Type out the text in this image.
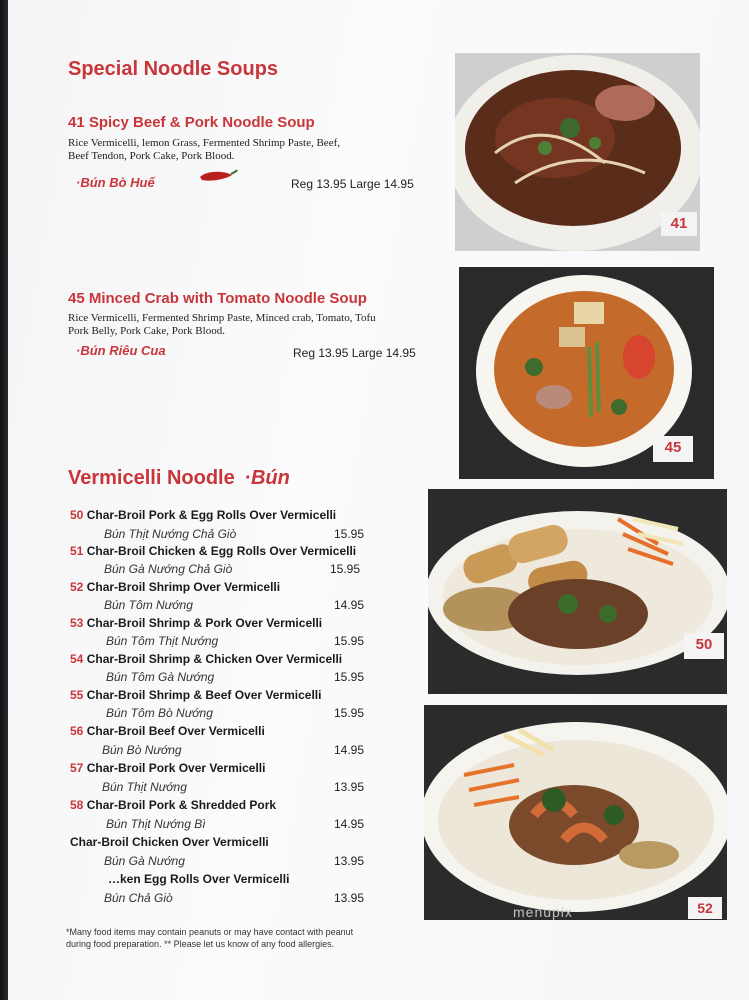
Special Noodle Soups
41 Spicy Beef & Pork Noodle Soup
Rice Vermicelli, lemon Grass, Fermented Shrimp Paste, Beef,
Beef Tendon, Pork Cake, Pork Blood.
·Bún Bò Huế	Reg 13.95 Large 14.95
45 Minced Crab with Tomato Noodle Soup
Rice Vermicelli, Fermented Shrimp Paste, Minced crab, Tomato, Tofu
Pork Belly, Pork Cake, Pork Blood.
·Bún Riêu Cua	Reg 13.95 Large 14.95
Vermicelli Noodle ·Bún
50 Char-Broil Pork & Egg Rolls Over Vermicelli
Bún Thịt Nướng Chả Giò	15.95
51 Char-Broil Chicken & Egg Rolls Over Vermicelli
Bún Gà Nướng Chả Giò	15.95
52 Char-Broil Shrimp Over Vermicelli
Bún Tôm Nướng	14.95
53 Char-Broil Shrimp & Pork Over Vermicelli
Bún Tôm Thịt Nướng	15.95
54 Char-Broil Shrimp & Chicken Over Vermicelli
Bún Tôm Gà Nướng	15.95
55 Char-Broil Shrimp & Beef Over Vermicelli
Bún Tôm Bò Nướng	15.95
56 Char-Broil Beef Over Vermicelli
Bún Bò Nướng	14.95
57 Char-Broil Pork Over Vermicelli
Bún Thịt Nướng	13.95
58 Char-Broil Pork & Shredded Pork
Bún Thịt Nướng Bì	14.95
Char-Broil Chicken Over Vermicelli
Bún Gà Nướng	13.95
…ken Egg Rolls Over Vermicelli
Bún Chả Giò	13.95
*Many food items may contain peanuts or may have contact with peanut
during food preparation. ** Please let us know of any food allergies.
41
45
50
52
menupix
